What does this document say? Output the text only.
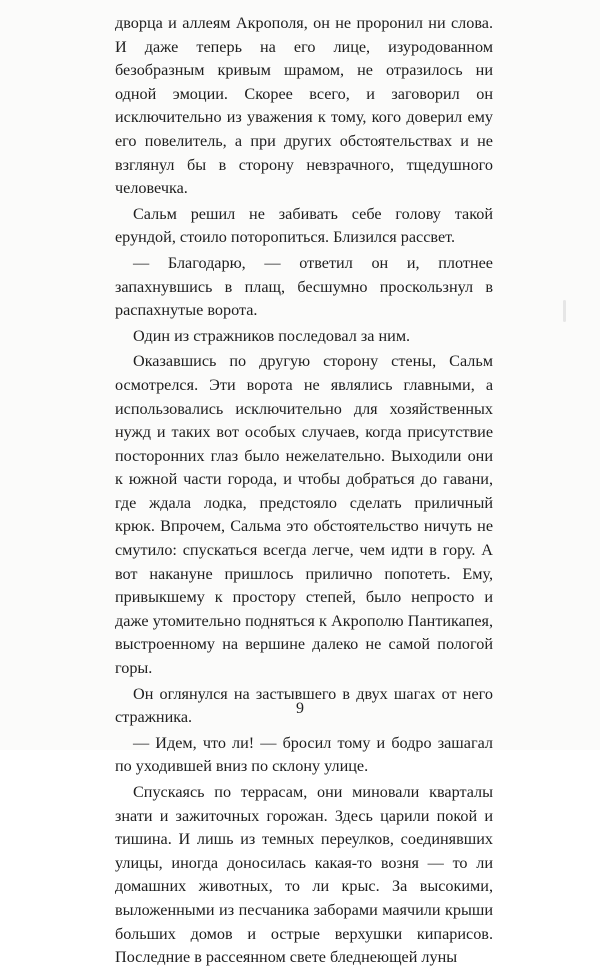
дворца и аллеям Акрополя, он не проронил ни слова. И даже теперь на его лице, изуродованном безобразным кривым шрамом, не отразилось ни одной эмоции. Скорее всего, и заговорил он исключительно из уважения к тому, кого доверил ему его повелитель, а при других обстоятельствах и не взглянул бы в сторону невзрачного, тщедушного человечка.

Сальм решил не забивать себе голову такой ерундой, стоило поторопиться. Близился рассвет.

— Благодарю, — ответил он и, плотнее запахнувшись в плащ, бесшумно проскользнул в распахнутые ворота.

Один из стражников последовал за ним.

Оказавшись по другую сторону стены, Сальм осмотрелся. Эти ворота не являлись главными, а использовались исключительно для хозяйственных нужд и таких вот особых случаев, когда присутствие посторонних глаз было нежелательно. Выходили они к южной части города, и чтобы добраться до гавани, где ждала лодка, предстояло сделать приличный крюк. Впрочем, Сальма это обстоятельство ничуть не смутило: спускаться всегда легче, чем идти в гору. А вот накануне пришлось прилично попотеть. Ему, привыкшему к простору степей, было непросто и даже утомительно подняться к Акрополю Пантикапея, выстроенному на вершине далеко не самой пологой горы.

Он оглянулся на застывшего в двух шагах от него стражника.

— Идем, что ли! — бросил тому и бодро зашагал по уходившей вниз по склону улице.

Спускаясь по террасам, они миновали кварталы знати и зажиточных горожан. Здесь царили покой и тишина. И лишь из темных переулков, соединявших улицы, иногда доносилась какая-то возня — то ли домашних животных, то ли крыс. За высокими, выложенными из песчаника заборами маячили крыши больших домов и острые верхушки кипарисов. Последние в рассеянном свете бледнеющей луны

9
